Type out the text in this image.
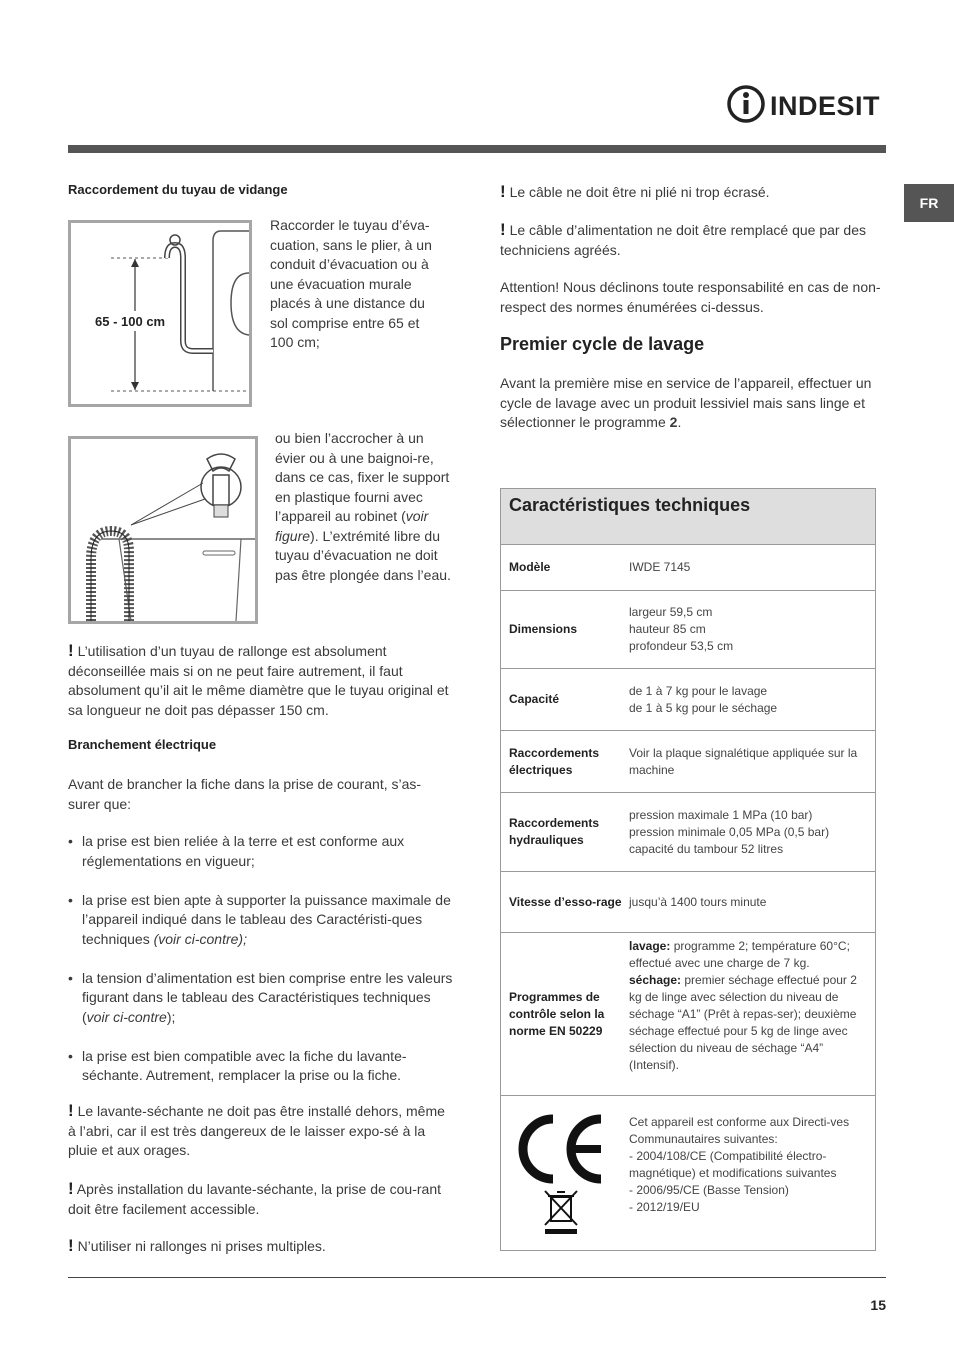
INDESIT
FR
Raccordement du tuyau de vidange
65 - 100 cm
Raccorder le tuyau d’éva-cuation, sans le plier, à un conduit d’évacuation ou à une évacuation murale placés à une distance du sol comprise entre 65 et 100 cm;
ou bien l’accrocher à un évier ou à une baignoi-re, dans ce cas, fixer le support en plastique fourni avec l’appareil au robinet (voir figure). L’extrémité libre du tuyau d’évacuation ne doit pas être plongée dans l’eau.
! L’utilisation d’un tuyau de rallonge est absolument déconseillée mais si on ne peut faire autrement, il faut absolument qu’il ait le même diamètre que le tuyau original et sa longueur ne doit pas dépasser 150 cm.
Branchement électrique
Avant de brancher la fiche dans la prise de courant, s’as-surer que:
• la prise est bien reliée à la terre et est conforme aux réglementations en vigueur;
• la prise est bien apte à supporter la puissance maximale de l’appareil indiqué dans le tableau des Caractéristi-ques techniques (voir ci-contre);
• la tension d’alimentation est bien comprise entre les valeurs figurant dans le tableau des Caractéristiques techniques (voir ci-contre);
• la prise est bien compatible avec la fiche du lavante-séchante. Autrement, remplacer la prise ou la fiche.
! Le lavante-séchante ne doit pas être installé dehors, même à l’abri, car il est très dangereux de le laisser expo-sé à la pluie et aux orages.
! Après installation du lavante-séchante, la prise de cou-rant doit être facilement accessible.
! N’utiliser ni rallonges ni prises multiples.
! Le câble ne doit être ni plié ni trop écrasé.
! Le câble d’alimentation ne doit être remplacé que par des techniciens agréés.
Attention! Nous déclinons toute responsabilité en cas de non-respect des normes énumérées ci-dessus.
Premier cycle de lavage
Avant la première mise en service de l’appareil, effectuer un cycle de lavage avec un produit lessiviel mais sans linge et sélectionner le programme 2.
Caractéristiques techniques
Modèle	IWDE 7145
Dimensions
largeur 59,5 cm
hauteur 85 cm
profondeur 53,5 cm
Capacité
de 1 à 7 kg pour le lavage
de 1 à 5 kg pour le séchage
Raccordements électriques
Voir la plaque signalétique appliquée sur la machine
Raccordements hydrauliques
pression maximale 1 MPa (10 bar)
pression minimale 0,05 MPa (0,5 bar)
capacité du tambour 52 litres
Vitesse d’esso-rage jusqu’à 1400 tours minute
Programmes de contrôle selon la norme EN 50229
lavage: programme 2; température 60°C; effectué avec une charge de 7 kg.
séchage: premier séchage effectué pour 2 kg de linge avec sélection du niveau de séchage “A1” (Prêt à repas-ser); deuxième séchage effectué pour 5 kg de linge avec sélection du niveau de séchage “A4” (Intensif).
Cet appareil est conforme aux Directi-ves Communautaires suivantes:
- 2004/108/CE (Compatibilité électro-magnétique) et modifications suivantes
- 2006/95/CE (Basse Tension)
- 2012/19/EU
15
